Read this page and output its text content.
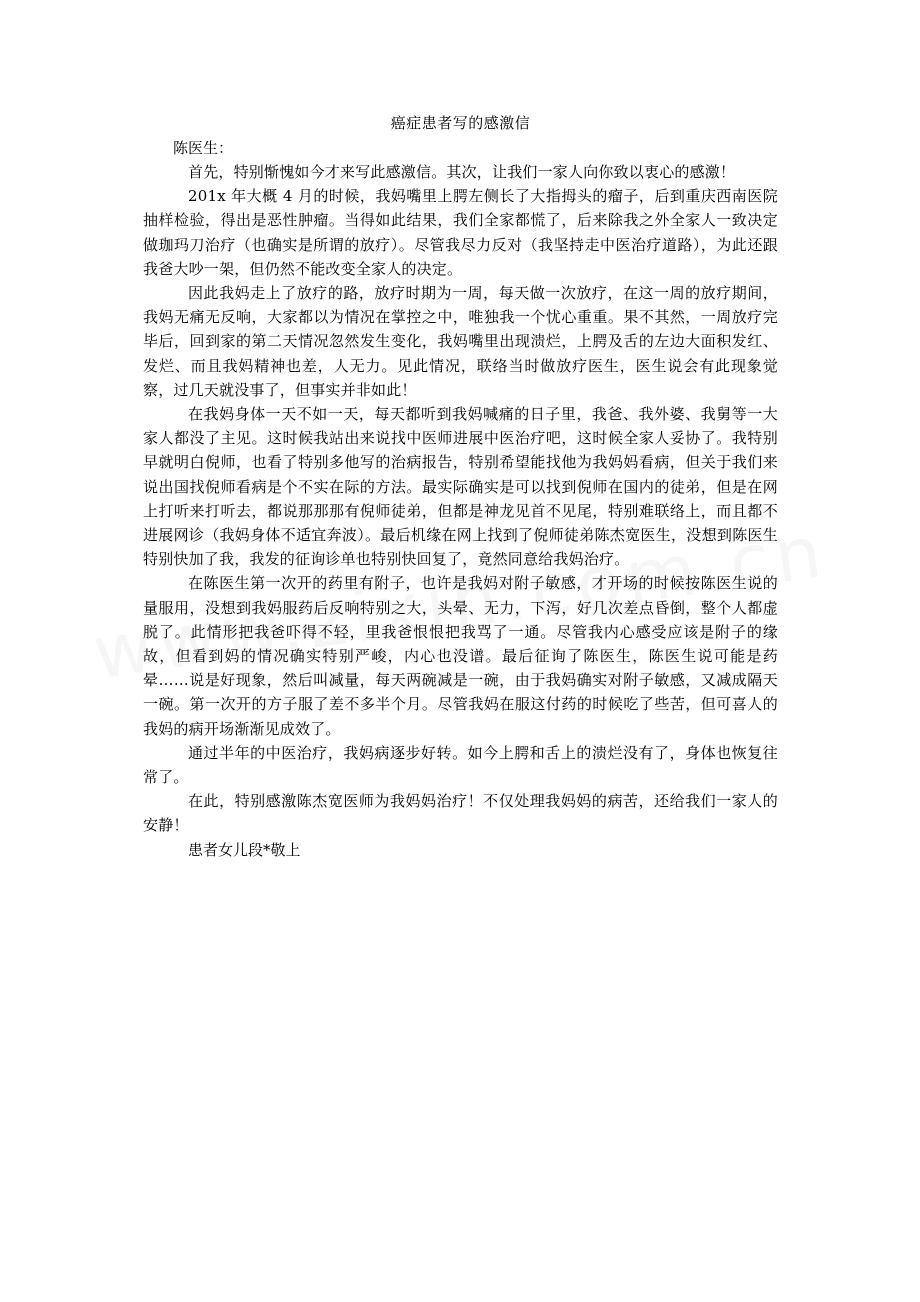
癌症患者写的感激信

陈医生：

首先，特别惭愧如今才来写此感激信。其次，让我们一家人向你致以衷心的感激！

201x 年大概 4 月的时候，我妈嘴里上腭左侧长了大指拇头的瘤子，后到重庆西南医院抽样检验，得出是恶性肿瘤。当得如此结果，我们全家都慌了，后来除我之外全家人一致决定做珈玛刀治疗（也确实是所谓的放疗）。尽管我尽力反对（我坚持走中医治疗道路），为此还跟我爸大吵一架，但仍然不能改变全家人的决定。

因此我妈走上了放疗的路，放疗时期为一周，每天做一次放疗，在这一周的放疗期间，我妈无痛无反响，大家都以为情况在掌控之中，唯独我一个忧心重重。果不其然，一周放疗完毕后，回到家的第二天情况忽然发生变化，我妈嘴里出现溃烂，上腭及舌的左边大面积发红、发烂、而且我妈精神也差，人无力。见此情况，联络当时做放疗医生，医生说会有此现象觉察，过几天就没事了，但事实并非如此！

在我妈身体一天不如一天，每天都听到我妈喊痛的日子里，我爸、我外婆、我舅等一大家人都没了主见。这时候我站出来说找中医师进展中医治疗吧，这时候全家人妥协了。我特别早就明白倪师，也看了特别多他写的治病报告，特别希望能找他为我妈妈看病，但关于我们来说出国找倪师看病是个不实在际的方法。最实际确实是可以找到倪师在国内的徒弟，但是在网上打听来打听去，都说那那那有倪师徒弟，但都是神龙见首不见尾，特别难联络上，而且都不进展网诊（我妈身体不适宜奔波）。最后机缘在网上找到了倪师徒弟陈杰宽医生，没想到陈医生特别快加了我，我发的征询诊单也特别快回复了，竟然同意给我妈治疗。

在陈医生第一次开的药里有附子，也许是我妈对附子敏感，才开场的时候按陈医生说的量服用，没想到我妈服药后反响特别之大，头晕、无力，下泻，好几次差点昏倒，整个人都虚脱了。此情形把我爸吓得不轻，里我爸恨恨把我骂了一通。尽管我内心感受应该是附子的缘故，但看到妈的情况确实特别严峻，内心也没谱。最后征询了陈医生，陈医生说可能是药晕……说是好现象，然后叫减量，每天两碗减是一碗，由于我妈确实对附子敏感，又减成隔天一碗。第一次开的方子服了差不多半个月。尽管我妈在服这付药的时候吃了些苦，但可喜人的我妈的病开场渐渐见成效了。

通过半年的中医治疗，我妈病逐步好转。如今上腭和舌上的溃烂没有了，身体也恢复往常了。

在此，特别感激陈杰宽医师为我妈妈治疗！不仅处理我妈妈的病苦，还给我们一家人的安静！

患者女儿段*敬上
